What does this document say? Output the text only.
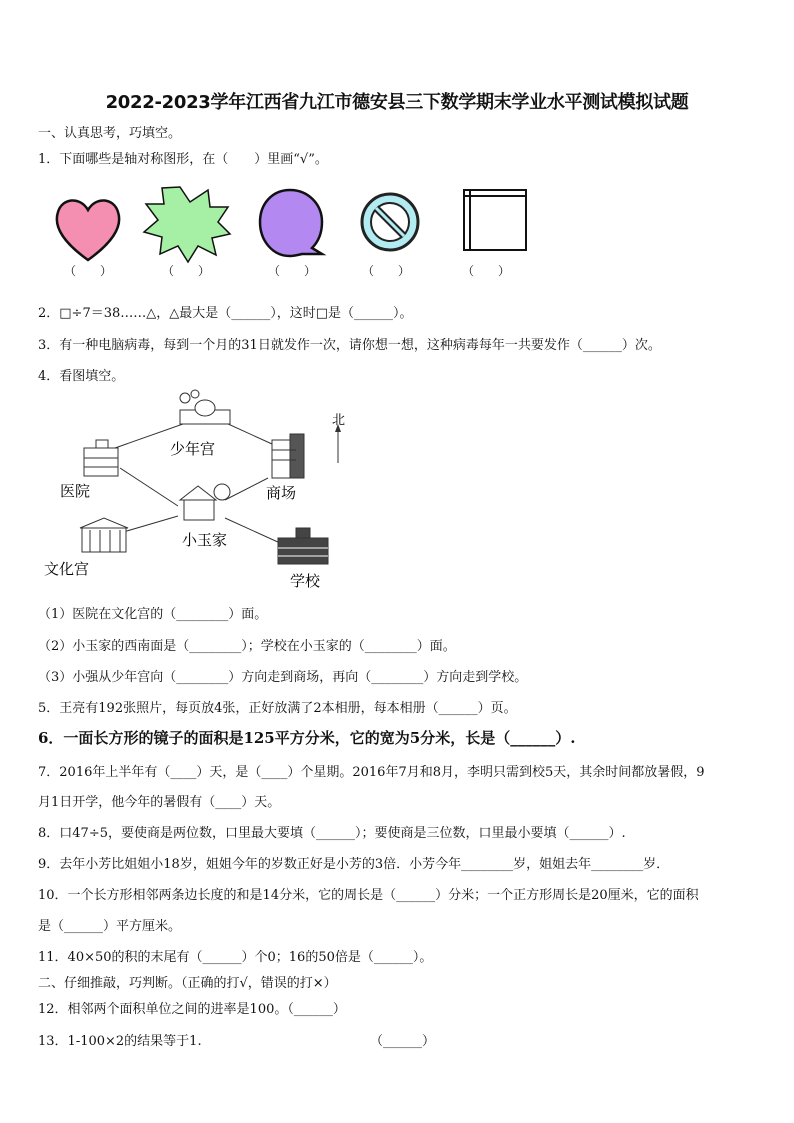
2022-2023学年江西省九江市德安县三下数学期末学业水平测试模拟试题
一、认真思考，巧填空。
1．下面哪些是轴对称图形，在（　　）里画“√”。
（　　）	（　　）	（　　）	（　　）	（　　）
2．□÷7＝38……△，△最大是（______），这时□是（______）。
3．有一种电脑病毒，每到一个月的31日就发作一次，请你想一想，这种病毒每年一共要发作（______）次。
4．看图填空。
北
少年宫
医院	商场
小玉家
文化宫
学校
（1）医院在文化宫的（________）面。
（2）小玉家的西南面是（________）；学校在小玉家的（________）面。
（3）小强从少年宫向（________）方向走到商场，再向（________）方向走到学校。
5．王亮有192张照片，每页放4张，正好放满了2本相册，每本相册（______）页。
6．一面长方形的镜子的面积是125平方分米，它的宽为5分米，长是（______）.
7．2016年上半年有（____）天，是（____）个星期。2016年7月和8月，李明只需到校5天，其余时间都放暑假，9
月1日开学，他今年的暑假有（____）天。
8．口47÷5，要使商是两位数，口里最大要填（______）；要使商是三位数，口里最小要填（______）.
9．去年小芳比姐姐小18岁，姐姐今年的岁数正好是小芳的3倍．小芳今年________岁，姐姐去年________岁．
10．一个长方形相邻两条边长度的和是14分米，它的周长是（______）分米；一个正方形周长是20厘米，它的面积
是（______）平方厘米。
11．40×50的积的末尾有（______）个0；16的50倍是（______）。
二、仔细推敲，巧判断。（正确的打√，错误的打×）
12．相邻两个面积单位之间的进率是100。（______）
13．1-100×2的结果等于1.	（______）
